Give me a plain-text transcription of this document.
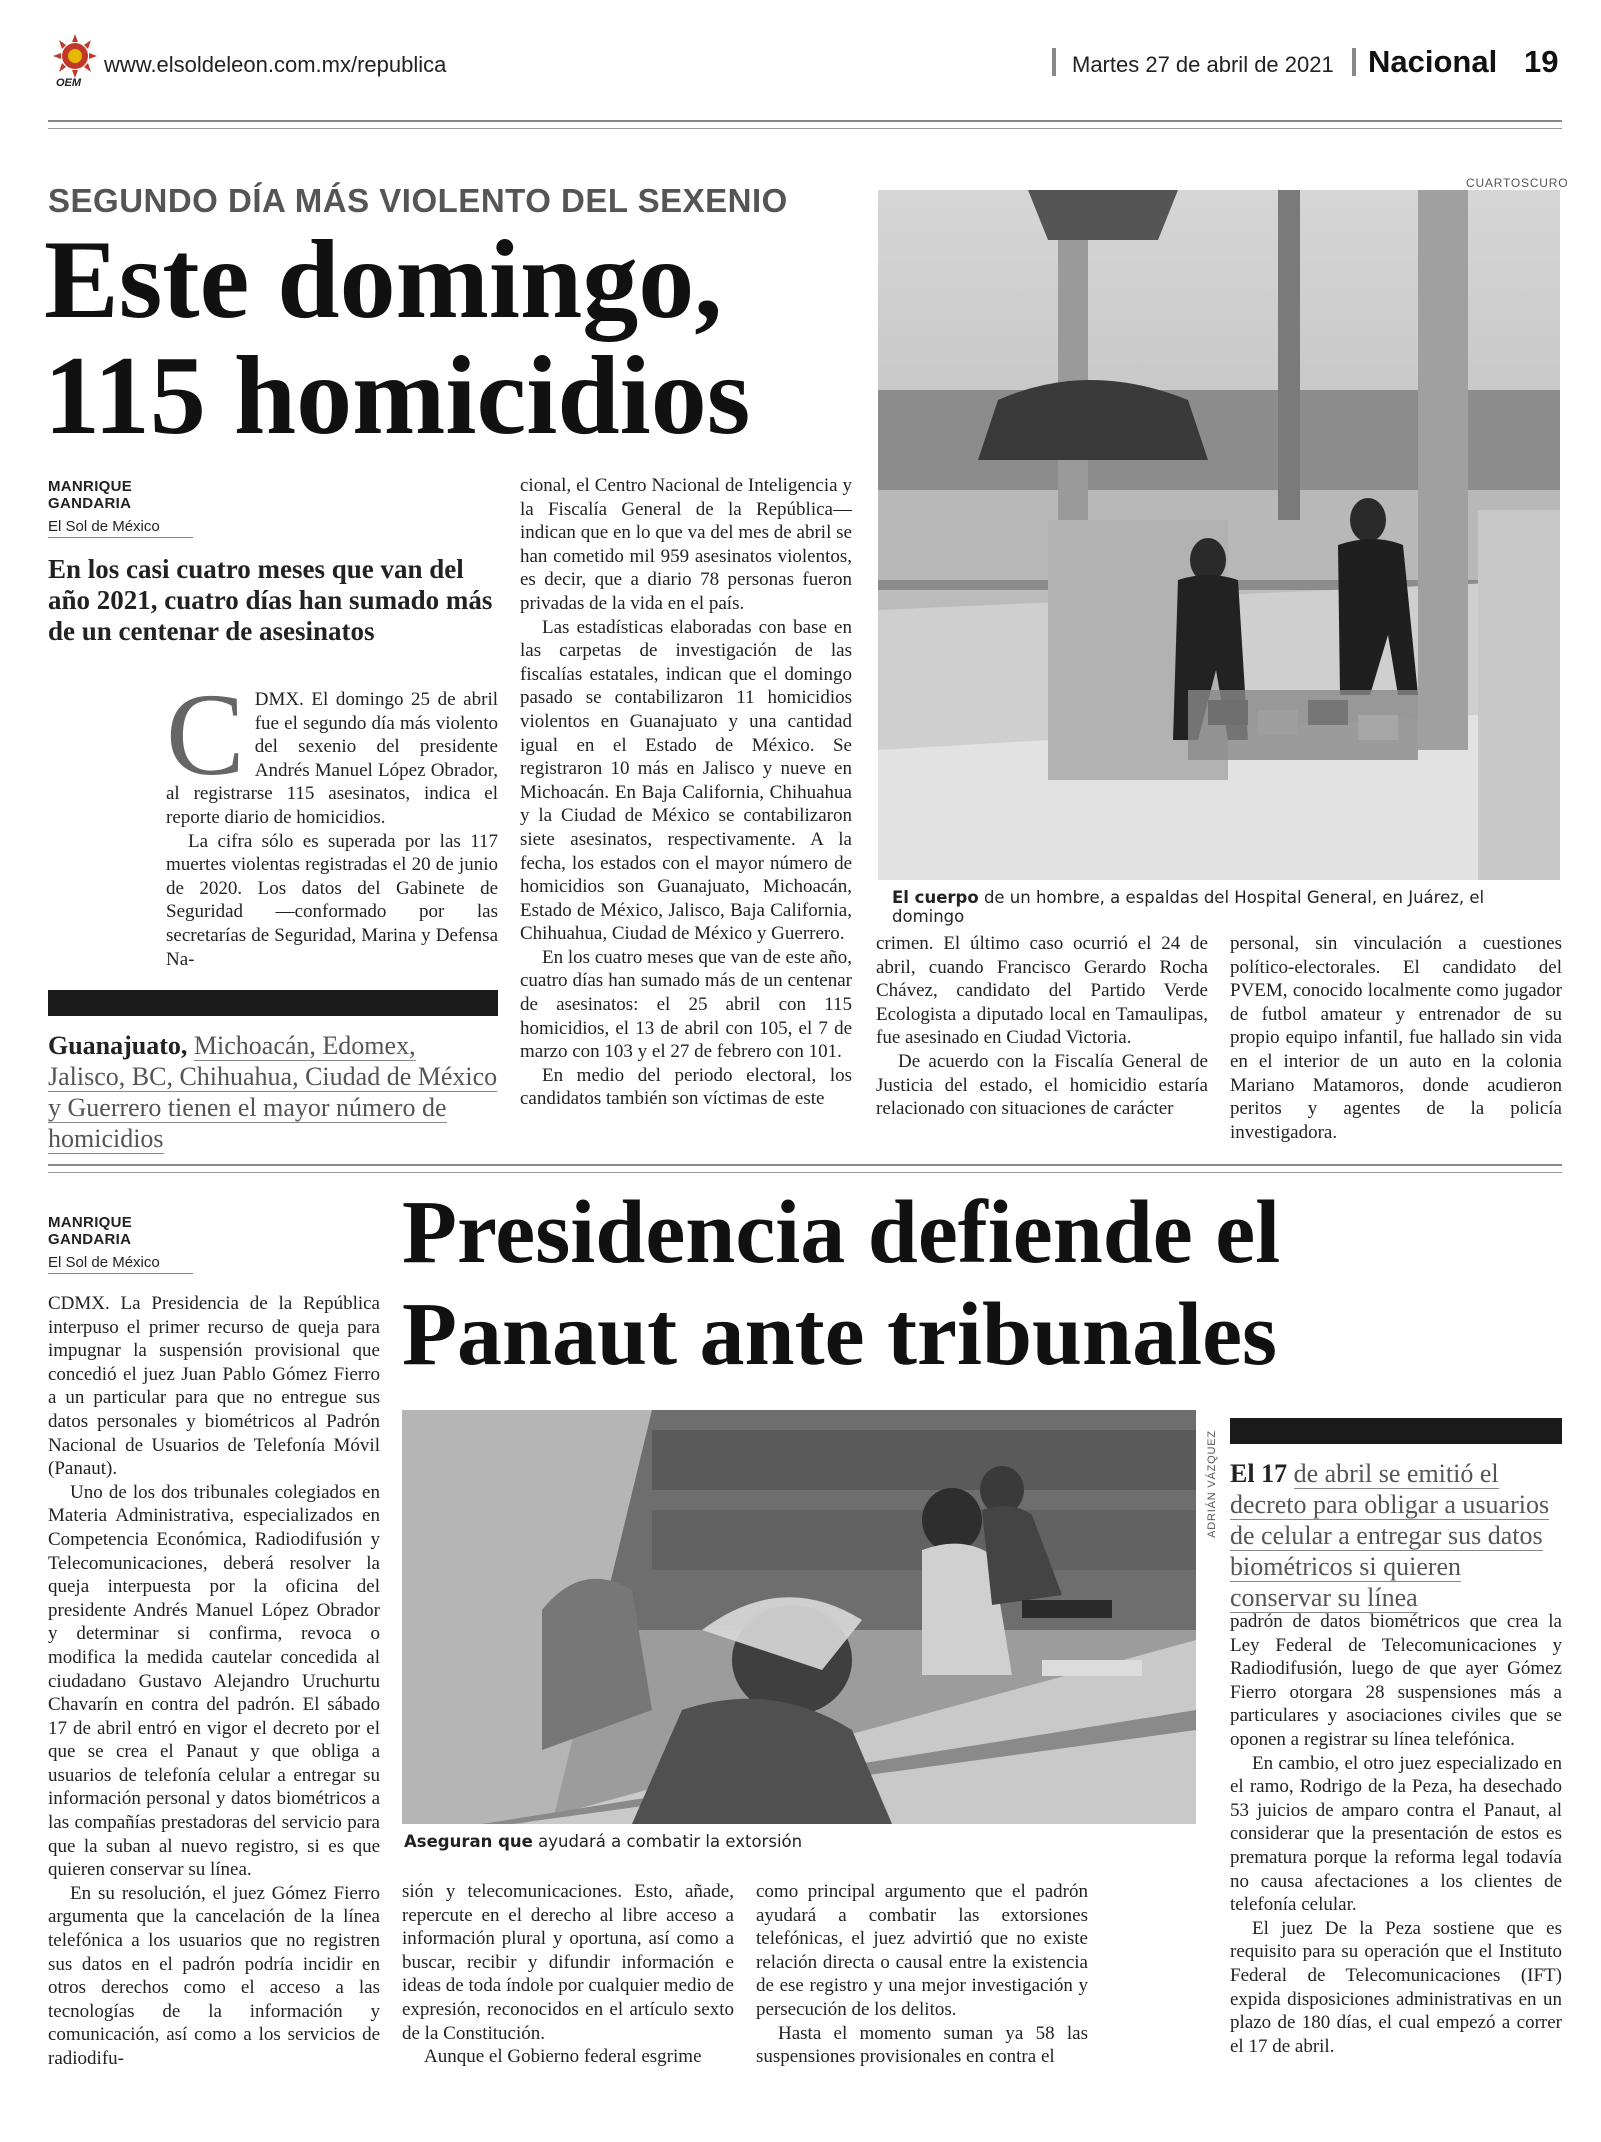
OEM
www.elsoldeleon.com.mx/republica	Martes 27 de abril de 2021 Nacional 19
SEGUNDO DÍA MÁS VIOLENTO DEL SEXENIO
Este domingo,
115 homicidios
MANRIQUE GANDARIA
El Sol de México
En los casi cuatro meses que van del año 2021, cuatro días han sumado más de un centenar de asesinatos

CDMX. El domingo 25 de abril fue el segundo día más violento del sexenio del presidente Andrés Manuel López Obrador, al registrarse 115 asesinatos, indica el reporte diario de homicidios.

La cifra sólo es superada por las 117 muertes violentas registradas el 20 de junio de 2020. Los datos del Gabinete de Seguridad —conformado por las secretarías de Seguridad, Marina y Defensa Na-

Guanajuato, Michoacán, Edomex, Jalisco, BC, Chihuahua, Ciudad de México y Guerrero tienen el mayor número de homicidios

cional, el Centro Nacional de Inteligencia y la Fiscalía General de la República— indican que en lo que va del mes de abril se han cometido mil 959 asesinatos violentos, es decir, que a diario 78 personas fueron privadas de la vida en el país.

Las estadísticas elaboradas con base en las carpetas de investigación de las fiscalías estatales, indican que el domingo pasado se contabilizaron 11 homicidios violentos en Guanajuato y una cantidad igual en el Estado de México. Se registraron 10 más en Jalisco y nueve en Michoacán. En Baja California, Chihuahua y la Ciudad de México se contabilizaron siete asesinatos, respectivamente. A la fecha, los estados con el mayor número de homicidios son Guanajuato, Michoacán, Estado de México, Jalisco, Baja California, Chihuahua, Ciudad de México y Guerrero.

En los cuatro meses que van de este año, cuatro días han sumado más de un centenar de asesinatos: el 25 abril con 115 homicidios, el 13 de abril con 105, el 7 de marzo con 103 y el 27 de febrero con 101.

En medio del periodo electoral, los candidatos también son víctimas de este

CUARTOSCURO
El cuerpo de un hombre, a espaldas del Hospital General, en Juárez, el domingo

crimen. El último caso ocurrió el 24 de abril, cuando Francisco Gerardo Rocha Chávez, candidato del Partido Verde Ecologista a diputado local en Tamaulipas, fue asesinado en Ciudad Victoria.

De acuerdo con la Fiscalía General de Justicia del estado, el homicidio estaría relacionado con situaciones de carácter

personal, sin vinculación a cuestiones político-electorales. El candidato del PVEM, conocido localmente como jugador de futbol amateur y entrenador de su propio equipo infantil, fue hallado sin vida en el interior de un auto en la colonia Mariano Matamoros, donde acudieron peritos y agentes de la policía investigadora.

MANRIQUE GANDARIA
El Sol de México	Presidencia defiende el
Panaut ante tribunales

CDMX. La Presidencia de la República interpuso el primer recurso de queja para impugnar la suspensión provisional que concedió el juez Juan Pablo Gómez Fierro a un particular para que no entregue sus datos personales y biométricos al Padrón Nacional de Usuarios de Telefonía Móvil (Panaut).

Uno de los dos tribunales colegiados en Materia Administrativa, especializados en Competencia Económica, Radiodifusión y Telecomunicaciones, deberá resolver la queja interpuesta por la oficina del presidente Andrés Manuel López Obrador y determinar si confirma, revoca o modifica la medida cautelar concedida al ciudadano Gustavo Alejandro Uruchurtu Chavarín en contra del padrón. El sábado 17 de abril entró en vigor el decreto por el que se crea el Panaut y que obliga a usuarios de telefonía celular a entregar su información personal y datos biométricos a las compañías prestadoras del servicio para que la suban al nuevo registro, si es que quieren conservar su línea.

En su resolución, el juez Gómez Fierro argumenta que la cancelación de la línea telefónica a los usuarios que no registren sus datos en el padrón podría incidir en otros derechos como el acceso a las tecnologías de la información y comunicación, así como a los servicios de radiodifu-

ADRIÁN VÁZQUEZ
Aseguran que ayudará a combatir la extorsión

sión y telecomunicaciones. Esto, añade, repercute en el derecho al libre acceso a información plural y oportuna, así como a buscar, recibir y difundir información e ideas de toda índole por cualquier medio de expresión, reconocidos en el artículo sexto de la Constitución.

Aunque el Gobierno federal esgrime

como principal argumento que el padrón ayudará a combatir las extorsiones telefónicas, el juez advirtió que no existe relación directa o causal entre la existencia de ese registro y una mejor investigación y persecución de los delitos.

Hasta el momento suman ya 58 las suspensiones provisionales en contra el

El 17 de abril se emitió el decreto para obligar a usuarios de celular a entregar sus datos biométricos si quieren conservar su línea

padrón de datos biométricos que crea la Ley Federal de Telecomunicaciones y Radiodifusión, luego de que ayer Gómez Fierro otorgara 28 suspensiones más a particulares y asociaciones civiles que se oponen a registrar su línea telefónica.

En cambio, el otro juez especializado en el ramo, Rodrigo de la Peza, ha desechado 53 juicios de amparo contra el Panaut, al considerar que la presentación de estos es prematura porque la reforma legal todavía no causa afectaciones a los clientes de telefonía celular.

El juez De la Peza sostiene que es requisito para su operación que el Instituto Federal de Telecomunicaciones (IFT) expida disposiciones administrativas en un plazo de 180 días, el cual empezó a correr el 17 de abril.
